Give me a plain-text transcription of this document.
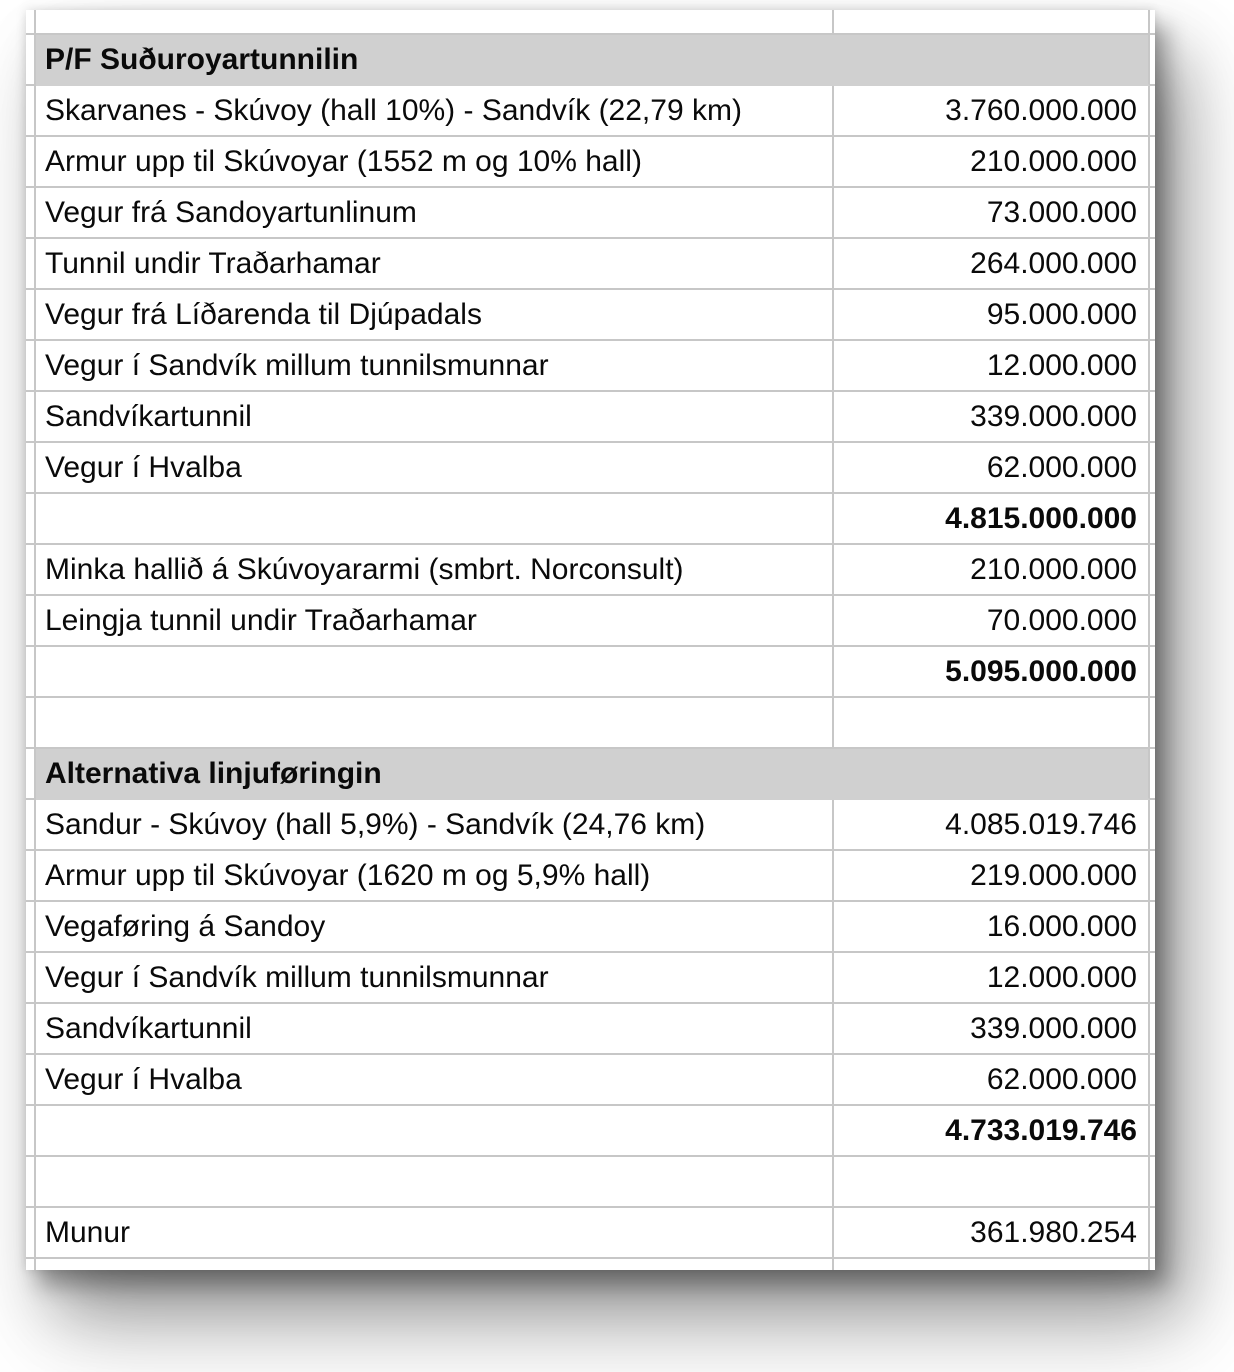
P/F Suðuroyartunnilin
Skarvanes - Skúvoy (hall 10%) - Sandvík (22,79 km)	3.760.000.000
Armur upp til Skúvoyar (1552 m og 10% hall)	210.000.000
Vegur frá Sandoyartunlinum	73.000.000
Tunnil undir Traðarhamar	264.000.000
Vegur frá Líðarenda til Djúpadals	95.000.000
Vegur í Sandvík millum tunnilsmunnar	12.000.000
Sandvíkartunnil	339.000.000
Vegur í Hvalba	62.000.000
4.815.000.000
Minka hallið á Skúvoyararmi (smbrt. Norconsult)	210.000.000
Leingja tunnil undir Traðarhamar	70.000.000
5.095.000.000
Alternativa linjuføringin
Sandur - Skúvoy (hall 5,9%) - Sandvík (24,76 km)	4.085.019.746
Armur upp til Skúvoyar (1620 m og 5,9% hall)	219.000.000
Vegaføring á Sandoy	16.000.000
Vegur í Sandvík millum tunnilsmunnar	12.000.000
Sandvíkartunnil	339.000.000
Vegur í Hvalba	62.000.000
4.733.019.746
Munur	361.980.254
